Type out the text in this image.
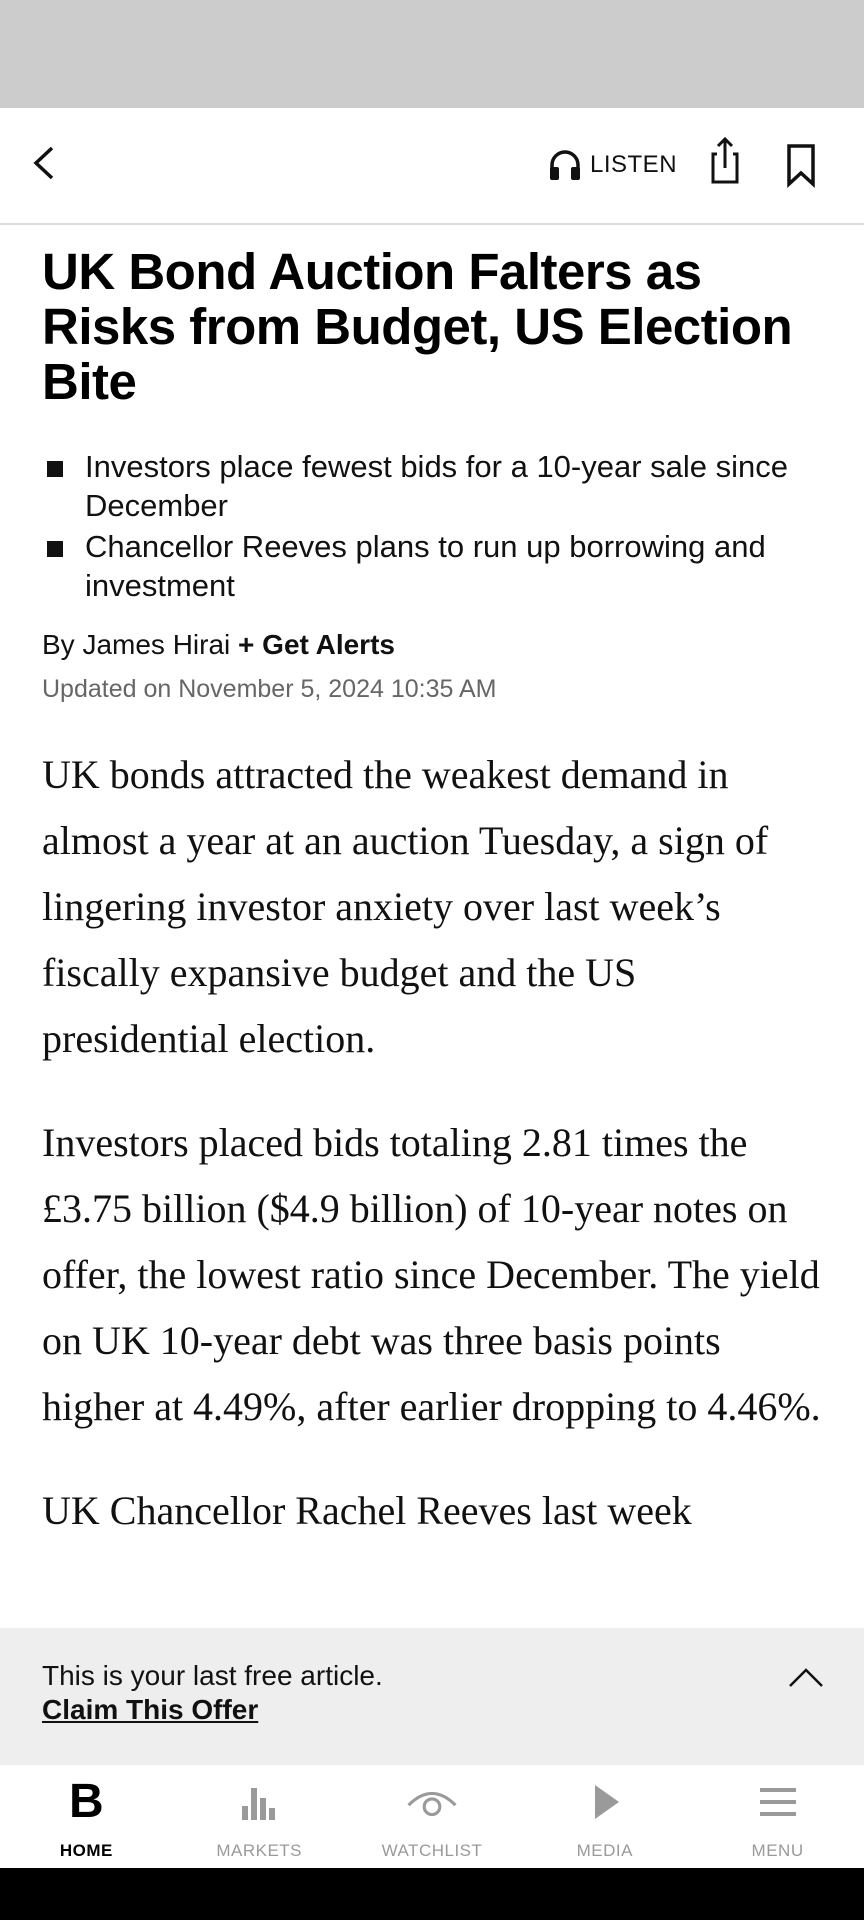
LISTEN
UK Bond Auction Falters as Risks from Budget, US Election Bite
Investors place fewest bids for a 10-year sale since December
Chancellor Reeves plans to run up borrowing and investment
By James Hirai + Get Alerts
Updated on November 5, 2024 10:35 AM

UK bonds attracted the weakest demand in almost a year at an auction Tuesday, a sign of lingering investor anxiety over last week’s fiscally expansive budget and the US presidential election.

Investors placed bids totaling 2.81 times the £3.75 billion ($4.9 billion) of 10-year notes on offer, the lowest ratio since December. The yield on UK 10-year debt was three basis points higher at 4.49%, after earlier dropping to 4.46%.

UK Chancellor Rachel Reeves last week

This is your last free article.
Claim This Offer
B
HOME	MARKETS	WATCHLIST	MEDIA	MENU
